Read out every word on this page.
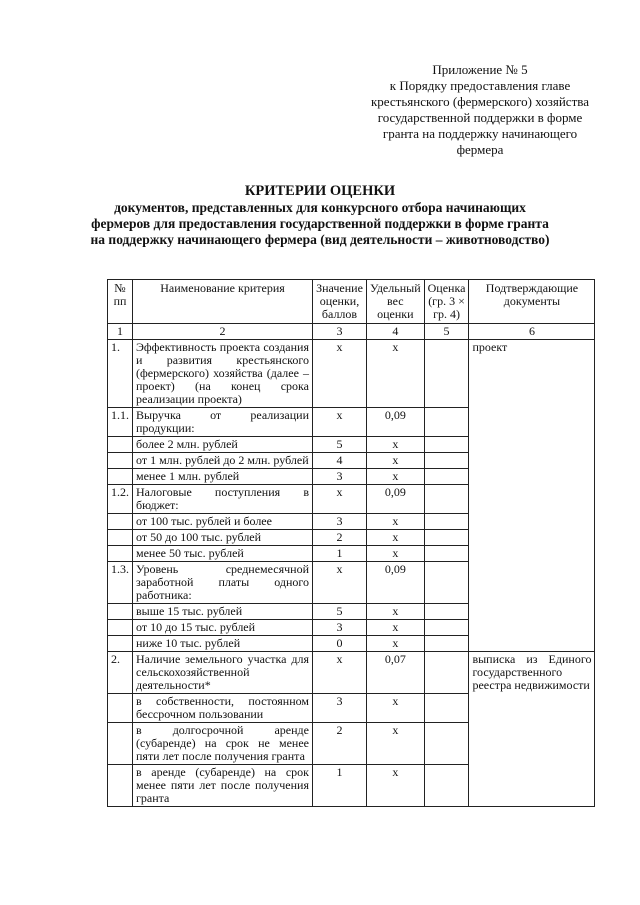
Приложение № 5
к Порядку предоставления главе
крестьянского (фермерского) хозяйства
государственной поддержки в форме
гранта на поддержку начинающего
фермера
КРИТЕРИИ ОЦЕНКИ
документов, представленных для конкурсного отбора начинающих
фермеров для предоставления государственной поддержки в форме гранта
на поддержку начинающего фермера (вид деятельности – животноводство)
№ пп	Наименование критерия	Значение оценки, баллов	Удельный вес оценки	Оценка (гр. 3 × гр. 4)	Подтверждающие документы
1	2	3	4	5	6
1.	Эффективность проекта создания и развития крестьянского (фермерского) хозяйства (далее – проект) (на конец срока реализации проекта)	х	х		проект
1.1.	Выручка от реализации продукции:	х	0,09		
	более 2 млн. рублей	5	х		
	от 1 млн. рублей до 2 млн. рублей	4	х		
	менее 1 млн. рублей	3	х		
1.2.	Налоговые поступления в бюджет:	х	0,09		
	от 100 тыс. рублей и более	3	х		
	от 50 до 100 тыс. рублей	2	х		
	менее 50 тыс. рублей	1	х		
1.3.	Уровень среднемесячной заработной платы одного работника:	х	0,09		
	выше 15 тыс. рублей	5	х		
	от 10 до 15 тыс. рублей	3	х		
	ниже 10 тыс. рублей	0	х		
2.	Наличие земельного участка для сельскохозяйственной деятельности*	х	0,07		выписка из Единого государственного реестра недвижимости
	в собственности, постоянном бессрочном пользовании	3	х		
	в долгосрочной аренде (субаренде) на срок не менее пяти лет после получения гранта	2	х		
	в аренде (субаренде) на срок менее пяти лет после получения гранта	1	х		
